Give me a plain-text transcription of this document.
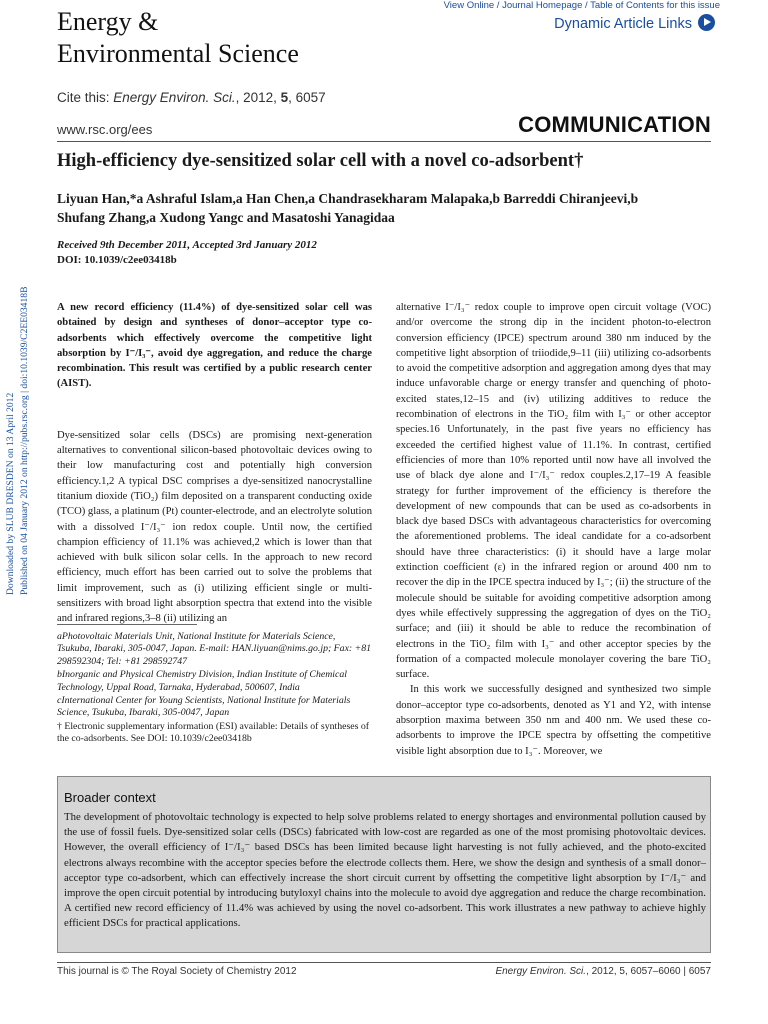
View Online / Journal Homepage / Table of Contents for this issue
Dynamic Article Links
Energy &
Environmental Science
Cite this: Energy Environ. Sci., 2012, 5, 6057
www.rsc.org/ees	COMMUNICATION
High-efficiency dye-sensitized solar cell with a novel co-adsorbent†
Liyuan Han,*a Ashraful Islam,a Han Chen,a Chandrasekharam Malapaka,b Barreddi Chiranjeevi,b
Shufang Zhang,a Xudong Yangc and Masatoshi Yanagidaa
Received 9th December 2011, Accepted 3rd January 2012
DOI: 10.1039/c2ee03418b
Downloaded by SLUB DRESDEN on 13 April 2012 Published on 04 January 2012 on http://pubs.rsc.org | doi:10.1039/C2EE03418B	A new record efficiency (11.4%) of dye-sensitized solar cell was obtained by design and syntheses of donor–acceptor type co-adsorbents which effectively overcome the competitive light absorption by I⁻/I₃⁻, avoid dye aggregation, and reduce the charge recombination. This result was certified by a public research center (AIST).

Dye-sensitized solar cells (DSCs) are promising next-generation alternatives to conventional silicon-based photovoltaic devices owing to their low manufacturing cost and potentially high conversion efficiency.1,2 A typical DSC comprises a dye-sensitized nanocrystalline titanium dioxide (TiO₂) film deposited on a transparent conducting oxide (TCO) glass, a platinum (Pt) counter-electrode, and an electrolyte solution with a dissolved I⁻/I₃⁻ ion redox couple. Until now, the certified champion efficiency of 11.1% was achieved,2 which is lower than that achieved with bulk silicon solar cells. In the approach to new record efficiency, much effort has been carried out to solve the problems that limit improvement, such as (i) utilizing efficient single or multi-sensitizers with broad light absorption spectra that extend into the visible and infrared regions,3–8 (ii) utilizing an

aPhotovoltaic Materials Unit, National Institute for Materials Science, Tsukuba, Ibaraki, 305-0047, Japan. E-mail: HAN.liyuan@nims.go.jp; Fax: +81 298592304; Tel: +81 298592747

bInorganic and Physical Chemistry Division, Indian Institute of Chemical Technology, Uppal Road, Tarnaka, Hyderabad, 500607, India

cInternational Center for Young Scientists, National Institute for Materials Science, Tsukuba, Ibaraki, 305-0047, Japan

† Electronic supplementary information (ESI) available: Details of syntheses of the co-adsorbents. See DOI: 10.1039/c2ee03418b

alternative I⁻/I₃⁻ redox couple to improve open circuit voltage (VOC) and/or overcome the strong dip in the incident photon-to-electron conversion efficiency (IPCE) spectrum around 380 nm induced by the competitive light absorption of triiodide,9–11 (iii) utilizing co-adsorbents to avoid the competitive adsorption and aggregation among dyes that may induce unfavorable charge or energy transfer and quenching of photo-excited states,12–15 and (iv) utilizing additives to reduce the recombination of electrons in the TiO₂ film with I₃⁻ or other acceptor species.16 Unfortunately, in the past five years no efficiency has exceeded the certified highest value of 11.1%. In contrast, certified efficiencies of more than 10% reported until now have all involved the use of black dye alone and I⁻/I₃⁻ redox couples.2,17–19 A feasible strategy for further improvement of the efficiency is therefore the development of new compounds that can be used as co-adsorbents in black dye based DSCs with advantageous characteristics for overcoming the aforementioned problems. The ideal candidate for a co-adsorbent should have three characteristics: (i) it should have a large molar extinction coefficient (ε) in the infrared region or around 400 nm to recover the dip in the IPCE spectra induced by I₃⁻; (ii) the structure of the molecule should be suitable for avoiding competitive adsorption among dyes while effectively suppressing the aggregation of dyes on the TiO₂ surface; and (iii) it should be able to reduce the recombination of electrons in the TiO₂ film with I₃⁻ and other acceptor species by the formation of a compacted molecule monolayer covering the bare TiO₂ surface.

In this work we successfully designed and synthesized two simple donor–acceptor type co-adsorbents, denoted as Y1 and Y2, with intense absorption maxima between 350 nm and 400 nm. We used these co-adsorbents to improve the IPCE spectra by offsetting the competitive visible light absorption due to I₃⁻. Moreover, we

Broader context
The development of photovoltaic technology is expected to help solve problems related to energy shortages and environmental pollution caused by the use of fossil fuels. Dye-sensitized solar cells (DSCs) fabricated with low-cost are regarded as one of the most promising photovoltaic devices. However, the overall efficiency of I⁻/I₃⁻ based DSCs has been limited because light harvesting is not fully achieved, and the photo-excited electrons always recombine with the acceptor species before the electrode collects them. Here, we show the design and synthesis of a small donor–acceptor type co-adsorbent, which can effectively increase the short circuit current by offsetting the competitive light absorption by I⁻/I₃⁻ and improve the open circuit potential by introducing butyloxyl chains into the molecule to avoid dye aggregation and reduce the charge recombination. A certified new record efficiency of 11.4% was achieved by using the novel co-adsorbent. This work illustrates a new pathway to achieve highly efficient DSCs for practical applications.
This journal is © The Royal Society of Chemistry 2012	Energy Environ. Sci., 2012, 5, 6057–6060 | 6057
